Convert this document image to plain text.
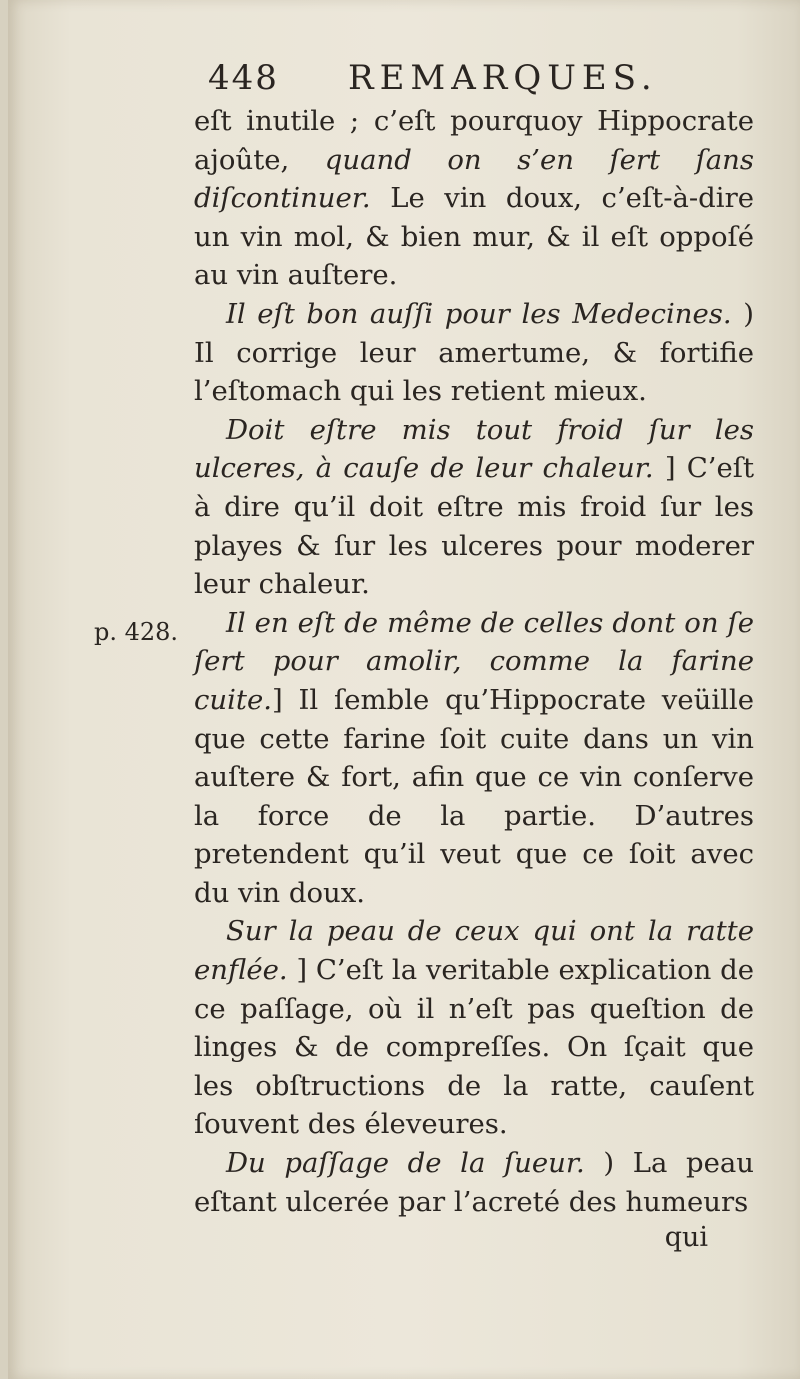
448 REMARQUES.
p. 428.

eſt inutile ; c’eſt pourquoy Hippocrate ajoûte, quand on s’en ſert ſans diſcontinuer. Le vin doux, c’eſt-à-dire un vin mol, & bien mur, & il eſt oppoſé au vin auſtere.

Il eſt bon auſſi pour les Medecines. ) Il corrige leur amertume, & fortifie l’eſtomach qui les retient mieux.

Doit eſtre mis tout froid ſur les ulceres, à cauſe de leur chaleur. ] C’eſt à dire qu’il doit eſtre mis froid ſur les playes & ſur les ulceres pour moderer leur chaleur.

Il en eſt de même de celles dont on ſe ſert pour amolir, comme la farine cuite.] Il ſemble qu’Hippocrate veüille que cette farine ſoit cuite dans un vin auſtere & fort, afin que ce vin conſerve la force de la partie. D’autres pretendent qu’il veut que ce ſoit avec du vin doux.

Sur la peau de ceux qui ont la ratte enflée. ] C’eſt la veritable explication de ce paſſage, où il n’eſt pas queſtion de linges & de compreſſes. On ſçait que les obſtructions de la ratte, cauſent ſouvent des éleveures.

Du paſſage de la ſueur. ) La peau eſtant ulcerée par l’acreté des humeurs

qui
